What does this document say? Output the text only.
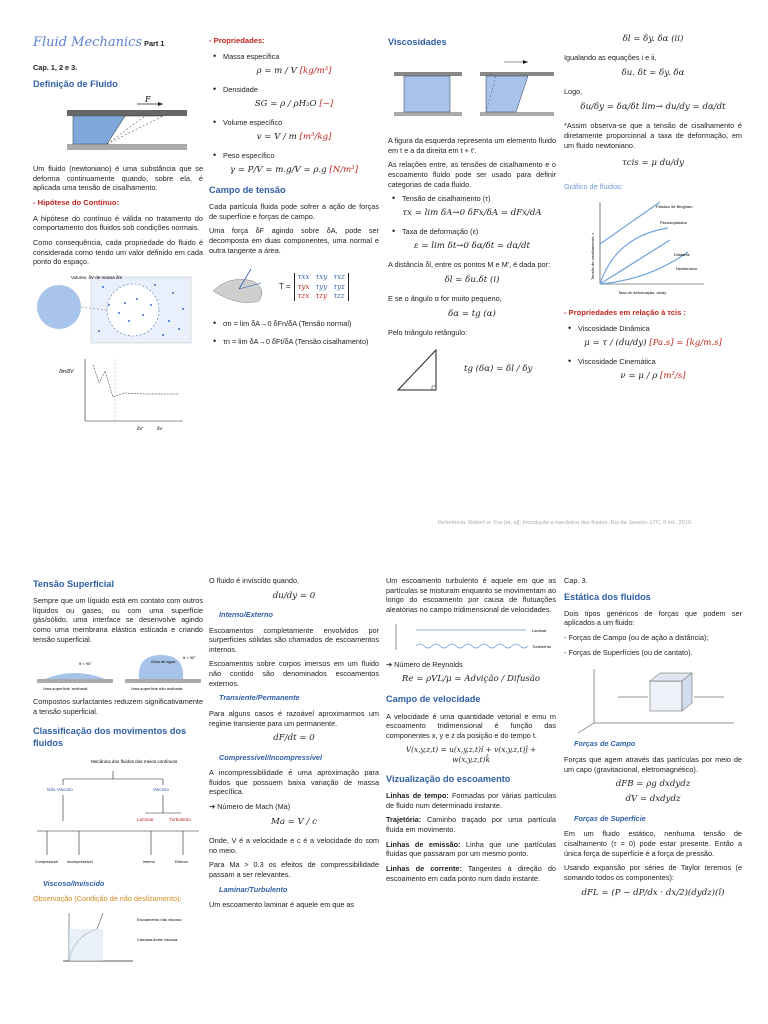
Fluid Mechanics Part 1

Cap. 1, 2 e 3.

Definição de Fluido
F

Um fluido (newtoniano) é uma substância que se deforma continuamente quando, sobre ela, é aplicada uma tensão de cisalhamento.

- Hipótese do Contínuo:

A hipótese do contínuo é válida no tratamento do comportamento dos fluidos sob condições normais.

Como consequência, cada propriedade do fluido é considerada como tendo um valor definido em cada ponto do espaço.

Volume, δV de massa δm
δm/δV
δV'	δV
- Propriedades:
• Massa específica
ρ = m / V [kg/m³]
• Densidade
SG = ρ / ρH₂O [−]
• Volume específico
v = V / m [m³/kg]
• Peso específico
γ = P/V = m.g/V = ρ.g [N/m³]
Campo de tensão

Cada partícula fluida pode sofrer a ação de forças de superfície e forças de campo.

Uma força δF agindo sobre δA, pode ser decomposta em duas componentes, uma normal e outra tangente a área.

T =
τxx	τxy	τxz
τyx	τyy	τyz
τzx	τzy	τzz
• σn = lim δA→0 δFn/δA (Tensão normal)
• τn = lim δA→0 δFt/δA (Tensão cisalhamento)
Viscosidades

A figura da esquerda representa um elemento fluido em t e a da direita em t + t'.

As relações entre, as tensões de cisalhamento e o escoamento fluido pode ser usado para definir categorias de cada fluido.

• Tensão de cisalhamento (τ)
τx = lim δA→0 δFx/δA = dFx/dA
• Taxa de deformação (ε)
ε = lim δt→0 δα/δt = dα/dt

A distância δl, entre os pontos M e M', é dada por:

δl = δu.δt (i)

E se o ângulo α for muito pequeno,

δα = tg (α)

Pelo triângulo retângulo:

tg (δα) = δl / δy
δl = δy. δα (ii)

Igualando as equações i e ii,

δu. δt = δy. δα

Logo,

δu/δy = δα/δt lim→ du/dy = dα/dt

*Assim observa-se que a tensão de cisalhamento é diretamente proporcional a taxa de deformação, em um fluido newtoniano.

τcis = μ du/dy

Gráfico de fluidos:

Plástico de Bingham
Pseudoplástico
Dilatante
Newtoniano
Taxa de deformação, du/dy
Tensão de cisalhamento, τ
- Propriedades em relação à τcis :
• Viscosidade Dinâmica
μ = τ / (du/dy) [Pa.s] = [kg/m.s]
• Viscosidade Cinemática
ν = μ / ρ [m²/s]
Referência: Robert w. Fox [et. al], Introdução a mecânica dos fluidos, Rio de Janeiro: LTC, 9 ed., 2019.
Tensão Superficial

Sempre que um líquido está em contato com outros líquidos ou gases, ou com uma superfície gás/sólido, uma interface se desenvolve agindo como uma membrana elástica esticada e criando tensão superficial.

θ < 90°	Gota de água
θ > 90°
Uma superfície 'molhada'	Uma superfície não molhada

Compostos surfactantes reduzem significativamente a tensão superficial.

Classificação dos movimentos dos fluidos
Mecânica dos fluidos dos meios contínuos
Não Viscoso	Viscoso
Laminar	Turbulento
Compressível Incompressível	Interno	Externo
Viscoso/Invíscido

Observação (Condição de não deslizamento):

Escoamento não viscoso
Camada-limite viscosa

O fluido é invíscido quando,

du/dy = 0
Interno/Externo

Escoamentos completamente envolvidos por surperficies sólidas são chamados de escoamentos internos.

Escoamentos sobre corpos imersos em um fluido não contido são denominados escoamentos externos.

Transiente/Permanente

Para alguns casos é razoável aproximarmos um regime transiente para um permanente.

dF/dt = 0
Compressível/Incompressível

A incompressibilidade é uma aproximação para fluidos que possuem baixa variação de massa específica.

➔ Número de Mach (Ma)

Ma = V / c

Onde, V é a velocidade e c é a velocidade do som no meio.

Para Ma > 0.3 os efeitos de compressibilidade passam a ser relevantes.

Laminar/Turbulento

Um escoamento laminar é aquele em que as

Um escoamento turbulento é aquele em que as partículas se misturam enquanto se movimentam ao longo do escoamento por causa de flutuações aleatórias no campo tridimensional de velocidades.

Laminar
Turbulento

➔ Número de Reynolds

Re = ρVL/μ = Advição / Difusão
Campo de velocidade

A velocidade é uma quantidade vetorial e emu m escoamento tridimensional é função das componentes x, y e z da posição e do tempo t.

V(x,y,z,t) = u(x,y,z,t)î + v(x,y,z,t)ĵ + w(x,y,z,t)k̂
Vizualização do escoamento

Linhas de tempo: Formadas por várias partículas de fluido num determinado instante.

Trajetória: Caminho traçado por uma partícula fluida em movimento.

Linhas de emissão: Linha que une partículas fluidas que passaram por um mesmo ponto.

Linhas de corrente: Tangentes à direção do escoamento em cada ponto num dado instante.

Cap. 3.

Estática dos fluidos

Dois tipos genéricos de forças que podem ser aplicados a um fluido:

- Forças de Campo (ou de ação a distância);

- Forças de Superfícies (ou de cantato).

Forças de Campo

Forças que agem através das partículas por meio de um capo (gravitacional, eletromagnético).

dFB = ρg dxdydz
dV = dxdydz
Forças de Superfície

Em um fluido estático, nenhuma tensão de cisalhamento (τ = 0) pode estar presente. Então a única força de superfície é a força de pressão.

Usando expansão por séries de Taylor teremos (e somando todos os componentes):

dFL = (P − dP/dx · dx/2)(dydz)(î)
